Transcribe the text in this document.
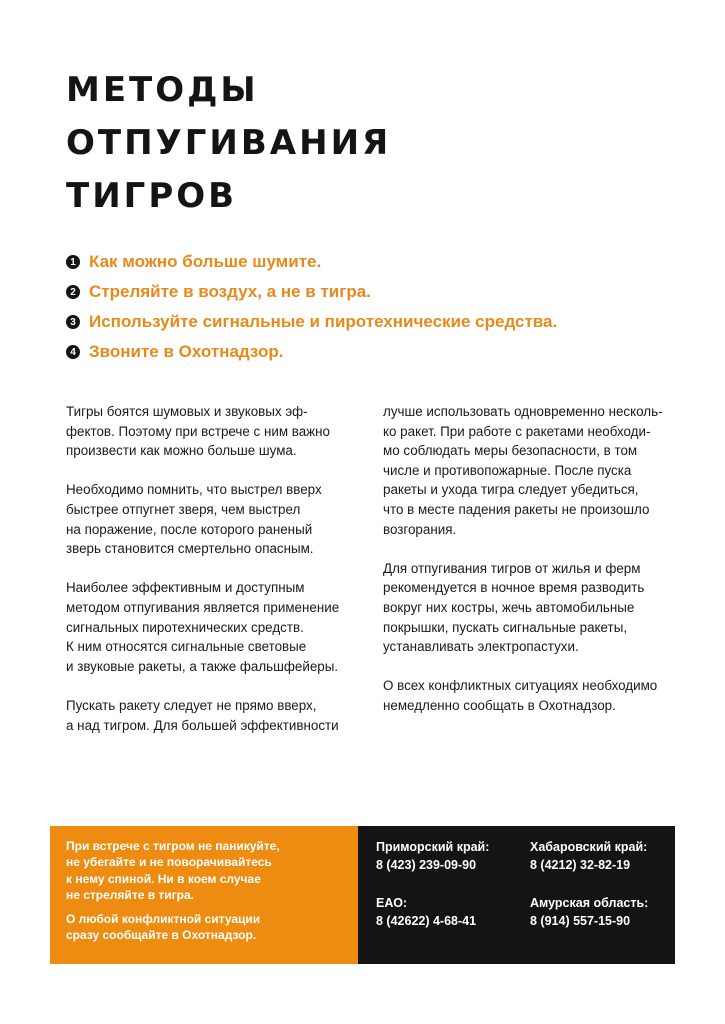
МЕТОДЫ
ОТПУГИВАНИЯ
ТИГРОВ
1 Как можно больше шумите.
2 Стреляйте в воздух, а не в тигра.
3 Используйте сигнальные и пиротехнические средства.
4 Звоните в Охотнадзор.

Тигры боятся шумовых и звуковых эф-
фектов. Поэтому при встрече с ним важно
произвести как можно больше шума.

Необходимо помнить, что выстрел вверх
быстрее отпугнет зверя, чем выстрел
на поражение, после которого раненый
зверь становится смертельно опасным.

Наиболее эффективным и доступным
методом отпугивания является применение
сигнальных пиротехнических средств.
К ним относятся сигнальные световые
и звуковые ракеты, а также фальшфейеры.

Пускать ракету следует не прямо вверх,
а над тигром. Для большей эффективности

лучше использовать одновременно несколь-
ко ракет. При работе с ракетами необходи-
мо соблюдать меры безопасности, в том
числе и противопожарные. После пуска
ракеты и ухода тигра следует убедиться,
что в месте падения ракеты не произошло
возгорания.

Для отпугивания тигров от жилья и ферм
рекомендуется в ночное время разводить
вокруг них костры, жечь автомобильные
покрышки, пускать сигнальные ракеты,
устанавливать электропастухи.

О всех конфликтных ситуациях необходимо
немедленно сообщать в Охотнадзор.

При встрече с тигром не паникуйте,
не убегайте и не поворачивайтесь
к нему спиной. Ни в коем случае
не стреляйте в тигра.

О любой конфликтной ситуации
сразу сообщайте в Охотнадзор.

Приморский край:
8 (423) 239-09-90
Хабаровский край:
8 (4212) 32-82-19
ЕАО:
8 (42622) 4-68-41
Амурская область:
8 (914) 557-15-90
